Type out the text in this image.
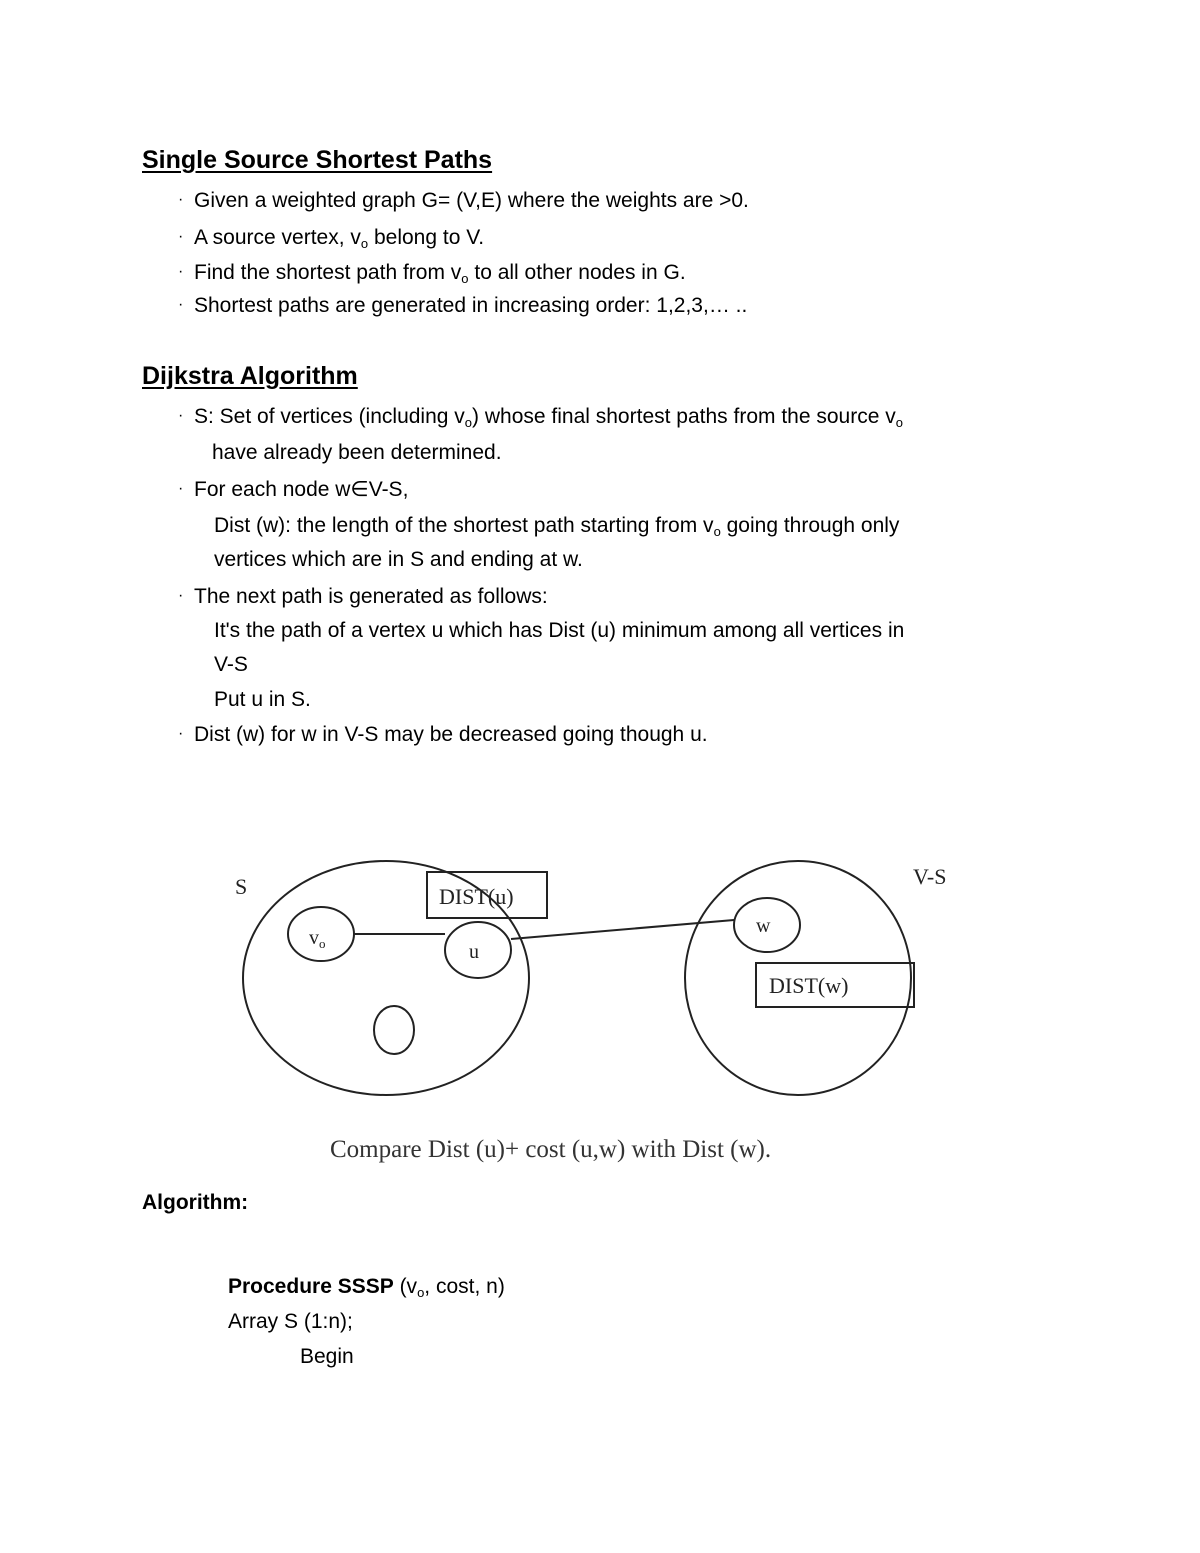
Single Source Shortest Paths
· Given a weighted graph G= (V,E) where the weights are >0.
· A source vertex, $v_o$ belong to V.
· Find the shortest path from $v_o$ to all other nodes in G.
· Shortest paths are generated in increasing order: 1,2,3,… ..
Dijkstra Algorithm
· S: Set of vertices (including $v_o$) whose final shortest paths from the source $v_o$
have already been determined.
· For each node w∈V-S,
Dist (w): the length of the shortest path starting from $v_o$ going through only
vertices which are in S and ending at w.
· The next path is generated as follows:
It's the path of a vertex u which has Dist (u) minimum among all vertices in
V-S
Put u in S.
· Dist (w) for w in V-S may be decreased going though u.
S	V-S
$v_o$	u
w
DIST(u)
DIST(w)
Compare Dist (u)+ cost (u,w) with Dist (w).
Algorithm:
Procedure SSSP ($v_o$, cost, n)
Array S (1:n);
Begin
